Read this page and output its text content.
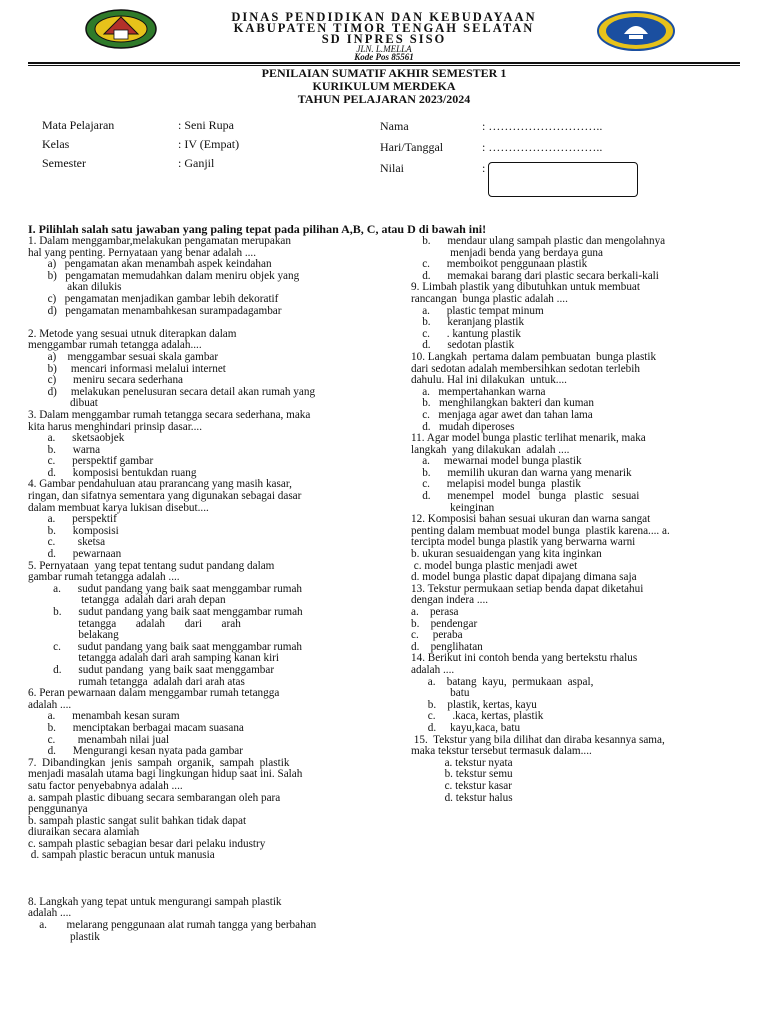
DINAS PENDIDIKAN DAN KEBUDAYAAN
KABUPATEN TIMOR TENGAH SELATAN
SD INPRES SISO
JLN. L.MELLA
Kode Pos 85561
PENILAIAN SUMATIF AKHIR SEMESTER 1
KURIKULUM MERDEKA
TAHUN PELAJARAN 2023/2024
Mata Pelajaran	: Seni Rupa
Kelas	: IV (Empat)
Semester	: Ganjil
Nama	: ………………………..
Hari/Tanggal	: ………………………..
Nilai	:
I. Pilihlah salah satu jawaban yang paling tepat pada pilihan A,B, C, atau D di bawah ini!
1. Dalam menggambar,melakukan pengamatan merupakan
hal yang penting. Pernyataan yang benar adalah ....
a)   pengamatan akan menambah aspek keindahan
b)   pengamatan memudahkan dalam meniru objek yang
akan dilukis
c)   pengamatan menjadikan gambar lebih dekoratif
d)   pengamatan menambahkesan surampadagambar

2. Metode yang sesuai utnuk diterapkan dalam
menggambar rumah tetangga adalah....
a)    menggambar sesuai skala gambar
b)     mencari informasi melalui internet
c)      meniru secara sederhana
d)     melakukan penelusuran secara detail akan rumah yang
dibuat
3. Dalam menggambar rumah tetangga secara sederhana, maka
kita harus menghindari prinsip dasar....
a.      sketsaobjek
b.      warna
c.      perspektif gambar
d.      komposisi bentukdan ruang
4. Gambar pendahuluan atau prarancang yang masih kasar,
ringan, dan sifatnya sementara yang digunakan sebagai dasar
dalam membuat karya lukisan disebut....
a.      perspektif
b.      komposisi
c.        sketsa
d.      pewarnaan
5. Pernyataan  yang tepat tentang sudut pandang dalam
gambar rumah tetangga adalah ....
a.      sudut pandang yang baik saat menggambar rumah
tetangga  adalah dari arah depan
b.      sudut pandang yang baik saat menggambar rumah
tetangga       adalah       dari       arah
belakang
c.      sudut pandang yang baik saat menggambar rumah
tetangga adalah dari arah samping kanan kiri
d.      sudut pandang  yang baik saat menggambar
rumah tetangga  adalah dari arah atas
6. Peran pewarnaan dalam menggambar rumah tetangga
adalah ....
a.      menambah kesan suram
b.      menciptakan berbagai macam suasana
c.        menambah nilai jual
d.      Mengurangi kesan nyata pada gambar
7.  Dibandingkan  jenis  sampah  organik,  sampah  plastik
menjadi masalah utama bagi lingkungan hidup saat ini. Salah
satu factor penyebabnya adalah ....
a. sampah plastic dibuang secara sembarangan oleh para
penggunanya
b. sampah plastic sangat sulit bahkan tidak dapat
diuraikan secara alamiah
c. sampah plastic sebagian besar dari pelaku industry
d. sampah plastic beracun untuk manusia

8. Langkah yang tepat untuk mengurangi sampah plastik
adalah ....
a.       melarang penggunaan alat rumah tangga yang berbahan
plastik
b.      mendaur ulang sampah plastic dan mengolahnya
menjadi benda yang berdaya guna
c.      memboikot penggunaan plastik
d.      memakai barang dari plastic secara berkali-kali
9. Limbah plastik yang dibutuhkan untuk membuat
rancangan  bunga plastic adalah ....
a.      plastic tempat minum
b.      keranjang plastik
c.      . kantung plastik
d.      sedotan plastik
10. Langkah  pertama dalam pembuatan  bunga plastik
dari sedotan adalah membersihkan sedotan terlebih
dahulu. Hal ini dilakukan  untuk....
a.   mempertahankan warna
b.   menghilangkan bakteri dan kuman
c.   menjaga agar awet dan tahan lama
d.   mudah diperoses
11. Agar model bunga plastic terlihat menarik, maka
langkah  yang dilakukan  adalah ....
a.     mewarnai model bunga plastik
b.      memilih ukuran dan warna yang menarik
c.      melapisi model bunga  plastik
d.      menempel   model   bunga   plastic   sesuai
keinginan
12. Komposisi bahan sesuai ukuran dan warna sangat
penting dalam membuat model bunga  plastik karena.... a.
tercipta model bunga plastik yang berwarna warni
b. ukuran sesuaidengan yang kita inginkan
c. model bunga plastic menjadi awet
d. model bunga plastic dapat dipajang dimana saja
13. Tekstur permukaan setiap benda dapat diketahui
dengan indera ....
a.    perasa
b.    pendengar
c.     peraba
d.    penglihatan
14. Berikut ini contoh benda yang bertekstu rhalus
adalah ....
a.    batang  kayu,  permukaan  aspal,
batu
b.    plastik, kertas, kayu
c.      .kaca, kertas, plastik
d.     kayu,kaca, batu
15.  Tekstur yang bila dilihat dan diraba kesannya sama,
maka tekstur tersebut termasuk dalam....
a. tekstur nyata
b. tekstur semu
c. tekstur kasar
d. tekstur halus
